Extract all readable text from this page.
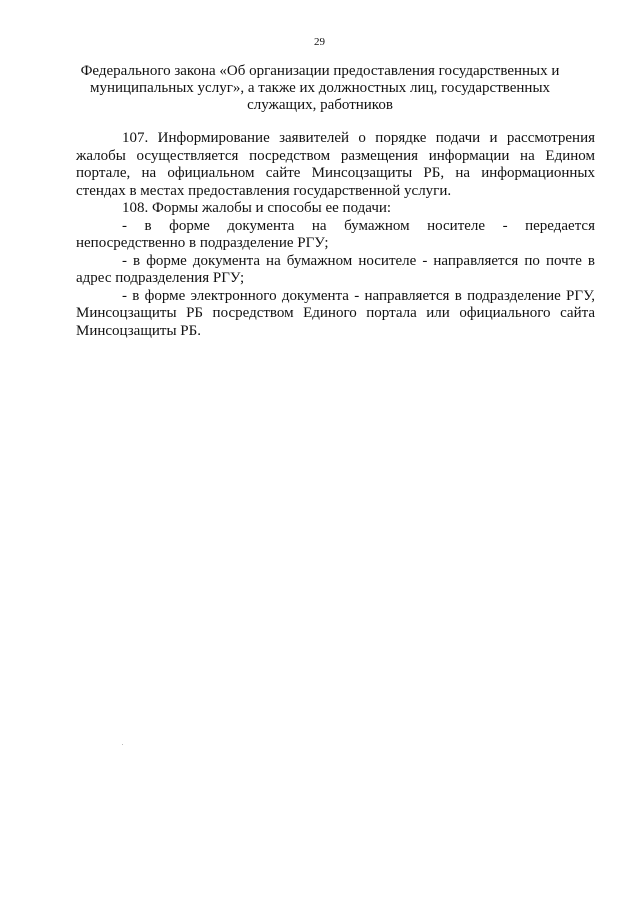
29
Федерального закона «Об организации предоставления государственных и
муниципальных услуг», а также их должностных лиц, государственных
служащих, работников
107. Информирование заявителей о порядке подачи и рассмотрения
жалобы осуществляется посредством размещения информации на Едином
портале, на официальном сайте Минсоцзащиты РБ, на информационных
стендах в местах предоставления государственной услуги.
108. Формы жалобы и способы ее подачи:
- в форме документа на бумажном носителе - передается
непосредственно в подразделение РГУ;
- в форме документа на бумажном носителе - направляется по почте в
адрес подразделения РГУ;
- в форме электронного документа - направляется в подразделение РГУ,
Минсоцзащиты РБ посредством Единого портала или официального сайта
Минсоцзащиты РБ.
